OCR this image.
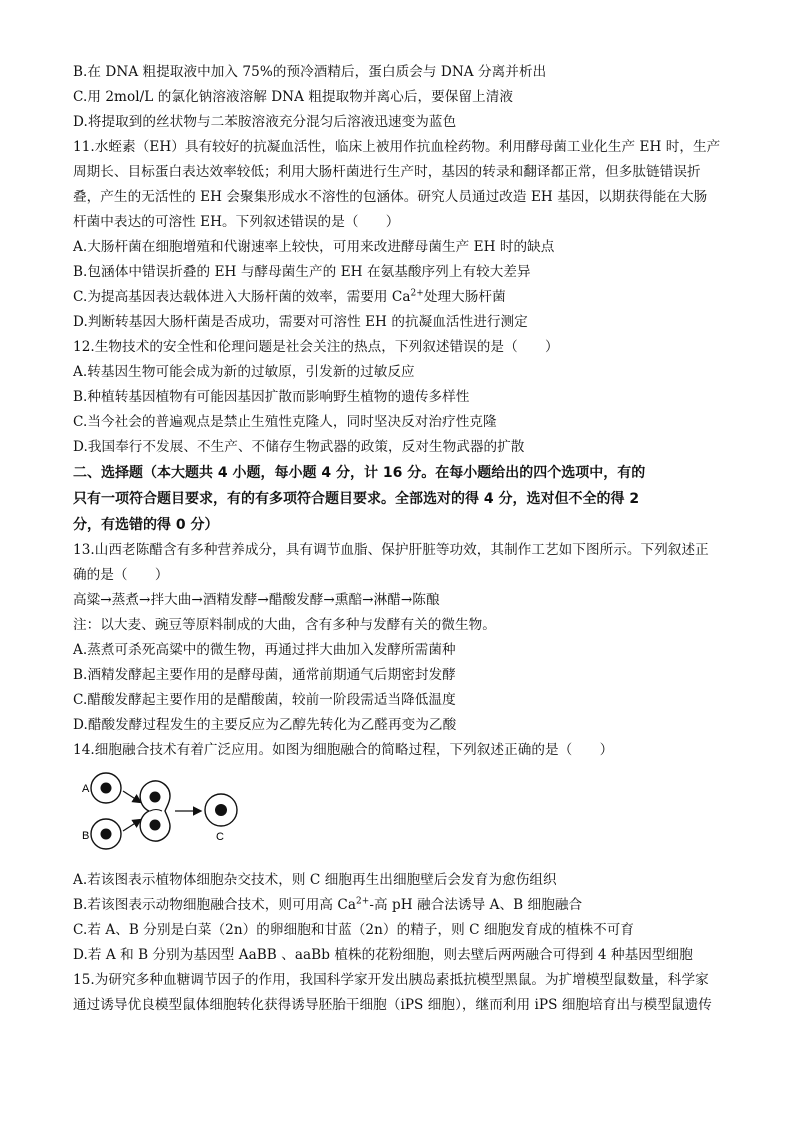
B.在 DNA 粗提取液中加入 75%的预冷酒精后，蛋白质会与 DNA 分离并析出
C.用 2mol/L 的氯化钠溶液溶解 DNA 粗提取物并离心后，要保留上清液
D.将提取到的丝状物与二苯胺溶液充分混匀后溶液迅速变为蓝色
11.水蛭素（EH）具有较好的抗凝血活性，临床上被用作抗血栓药物。利用酵母菌工业化生产 EH 时，生产
周期长、目标蛋白表达效率较低；利用大肠杆菌进行生产时，基因的转录和翻译都正常，但多肽链错误折
叠，产生的无活性的 EH 会聚集形成水不溶性的包涵体。研究人员通过改造 EH 基因，以期获得能在大肠
杆菌中表达的可溶性 EH。下列叙述错误的是（　　）
A.大肠杆菌在细胞增殖和代谢速率上较快，可用来改进酵母菌生产 EH 时的缺点
B.包涵体中错误折叠的 EH 与酵母菌生产的 EH 在氨基酸序列上有较大差异
C.为提高基因表达载体进入大肠杆菌的效率，需要用 $Ca^{2+}$处理大肠杆菌
D.判断转基因大肠杆菌是否成功，需要对可溶性 EH 的抗凝血活性进行测定
12.生物技术的安全性和伦理问题是社会关注的热点，下列叙述错误的是（　　）
A.转基因生物可能会成为新的过敏原，引发新的过敏反应
B.种植转基因植物有可能因基因扩散而影响野生植物的遗传多样性
C.当今社会的普遍观点是禁止生殖性克隆人，同时坚决反对治疗性克隆
D.我国奉行不发展、不生产、不储存生物武器的政策，反对生物武器的扩散
二、选择题（本大题共 4 小题，每小题 4 分，计 16 分。在每小题给出的四个选项中，有的
只有一项符合题目要求，有的有多项符合题目要求。全部选对的得 4 分，选对但不全的得 2
分，有选错的得 0 分）
13.山西老陈醋含有多种营养成分，具有调节血脂、保护肝脏等功效，其制作工艺如下图所示。下列叙述正
确的是（　　）
高粱→蒸煮→拌大曲→酒精发酵→醋酸发酵→熏醅→淋醋→陈酿
注：以大麦、豌豆等原料制成的大曲，含有多种与发酵有关的微生物。
A.蒸煮可杀死高粱中的微生物，再通过拌大曲加入发酵所需菌种
B.酒精发酵起主要作用的是酵母菌，通常前期通气后期密封发酵
C.醋酸发酵起主要作用的是醋酸菌，较前一阶段需适当降低温度
D.醋酸发酵过程发生的主要反应为乙醇先转化为乙醛再变为乙酸
14.细胞融合技术有着广泛应用。如图为细胞融合的简略过程，下列叙述正确的是（　　）
A
B	C
A.若该图表示植物体细胞杂交技术，则 C 细胞再生出细胞壁后会发育为愈伤组织
B.若该图表示动物细胞融合技术，则可用高 $Ca^{2+}-$高 pH 融合法诱导 A、B 细胞融合
C.若 A、B 分别是白菜（2n）的卵细胞和甘蓝（2n）的精子，则 C 细胞发育成的植株不可育
D.若 A 和 B 分别为基因型 AaBB 、aaBb 植株的花粉细胞，则去壁后两两融合可得到 4 种基因型细胞
15.为研究多种血糖调节因子的作用，我国科学家开发出胰岛素抵抗模型黑鼠。为扩增模型鼠数量，科学家
通过诱导优良模型鼠体细胞转化获得诱导胚胎干细胞（iPS 细胞），继而利用 iPS 细胞培育出与模型鼠遗传
